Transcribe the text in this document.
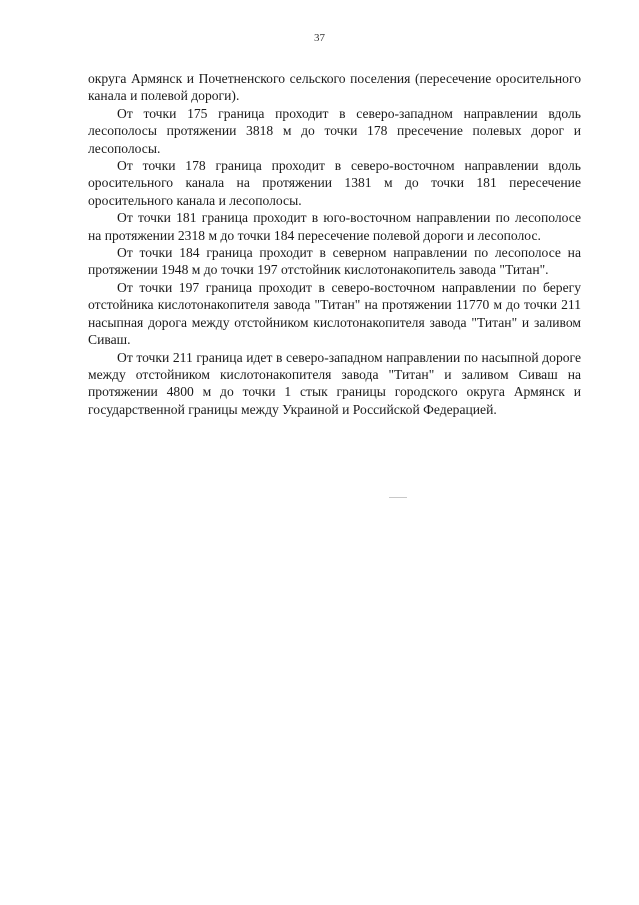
37

округа Армянск и Почетненского сельского поселения (пересечение оросительного канала и полевой дороги).

От точки 175 граница проходит в северо-западном направлении вдоль лесополосы протяжении 3818 м до точки 178 пресечение полевых дорог и лесополосы.

От точки 178 граница проходит в северо-восточном направлении вдоль оросительного канала на протяжении 1381 м до точки 181 пересечение оросительного канала и лесополосы.

От точки 181 граница проходит в юго-восточном направлении по лесополосе на протяжении 2318 м до точки 184 пересечение полевой дороги и лесополос.

От точки 184 граница проходит в северном направлении по лесополосе на протяжении 1948 м до точки 197 отстойник кислотонакопитель завода "Титан".

От точки 197 граница проходит в северо-восточном направлении по берегу отстойника кислотонакопителя завода "Титан" на протяжении 11770 м до точки 211 насыпная дорога между отстойником кислотонакопителя завода "Титан" и заливом Сиваш.

От точки 211 граница идет в северо-западном направлении по насыпной дороге между отстойником кислотонакопителя завода "Титан" и заливом Сиваш на протяжении 4800 м до точки 1 стык границы городского округа Армянск и государственной границы между Украиной и Российской Федерацией.
